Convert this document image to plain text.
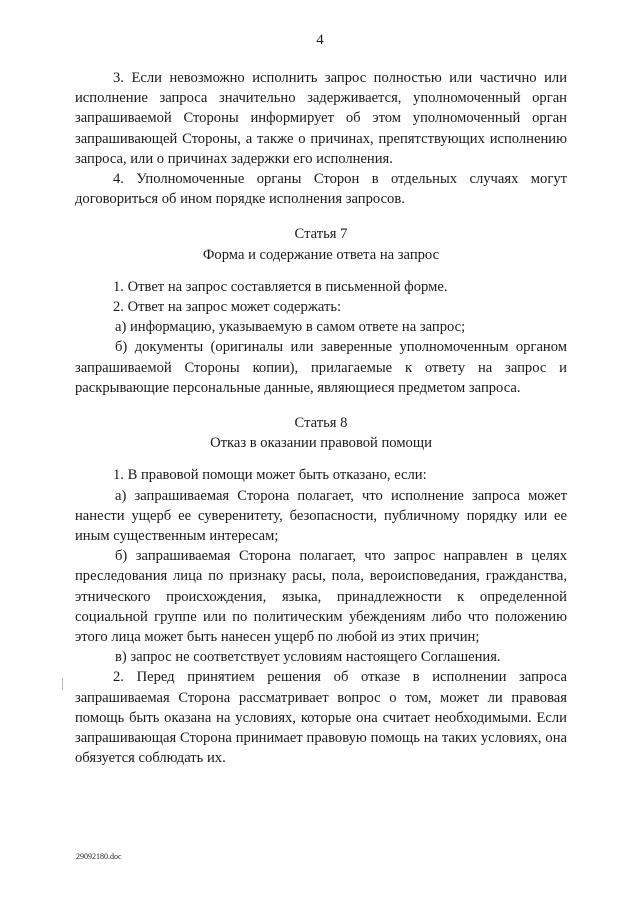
4

3. Если невозможно исполнить запрос полностью или частично или исполнение запроса значительно задерживается, уполномоченный орган запрашиваемой Стороны информирует об этом уполномоченный орган запрашивающей Стороны, а также о причинах, препятствующих исполнению запроса, или о причинах задержки его исполнения.

4. Уполномоченные органы Сторон в отдельных случаях могут договориться об ином порядке исполнения запросов.

Статья 7

Форма и содержание ответа на запрос

1. Ответ на запрос составляется в письменной форме.

2. Ответ на запрос может содержать:

а) информацию, указываемую в самом ответе на запрос;

б) документы (оригиналы или заверенные уполномоченным органом запрашиваемой Стороны копии), прилагаемые к ответу на запрос и раскрывающие персональные данные, являющиеся предметом запроса.

Статья 8

Отказ в оказании правовой помощи

1. В правовой помощи может быть отказано, если:

а) запрашиваемая Сторона полагает, что исполнение запроса может нанести ущерб ее суверенитету, безопасности, публичному порядку или ее иным существенным интересам;

б) запрашиваемая Сторона полагает, что запрос направлен в целях преследования лица по признаку расы, пола, вероисповедания, гражданства, этнического происхождения, языка, принадлежности к определенной социальной группе или по политическим убеждениям либо что положению этого лица может быть нанесен ущерб по любой из этих причин;

в) запрос не соответствует условиям настоящего Соглашения.

2. Перед принятием решения об отказе в исполнении запроса запрашиваемая Сторона рассматривает вопрос о том, может ли правовая помощь быть оказана на условиях, которые она считает необходимыми. Если запрашивающая Сторона принимает правовую помощь на таких условиях, она обязуется соблюдать их.

29092180.doc
